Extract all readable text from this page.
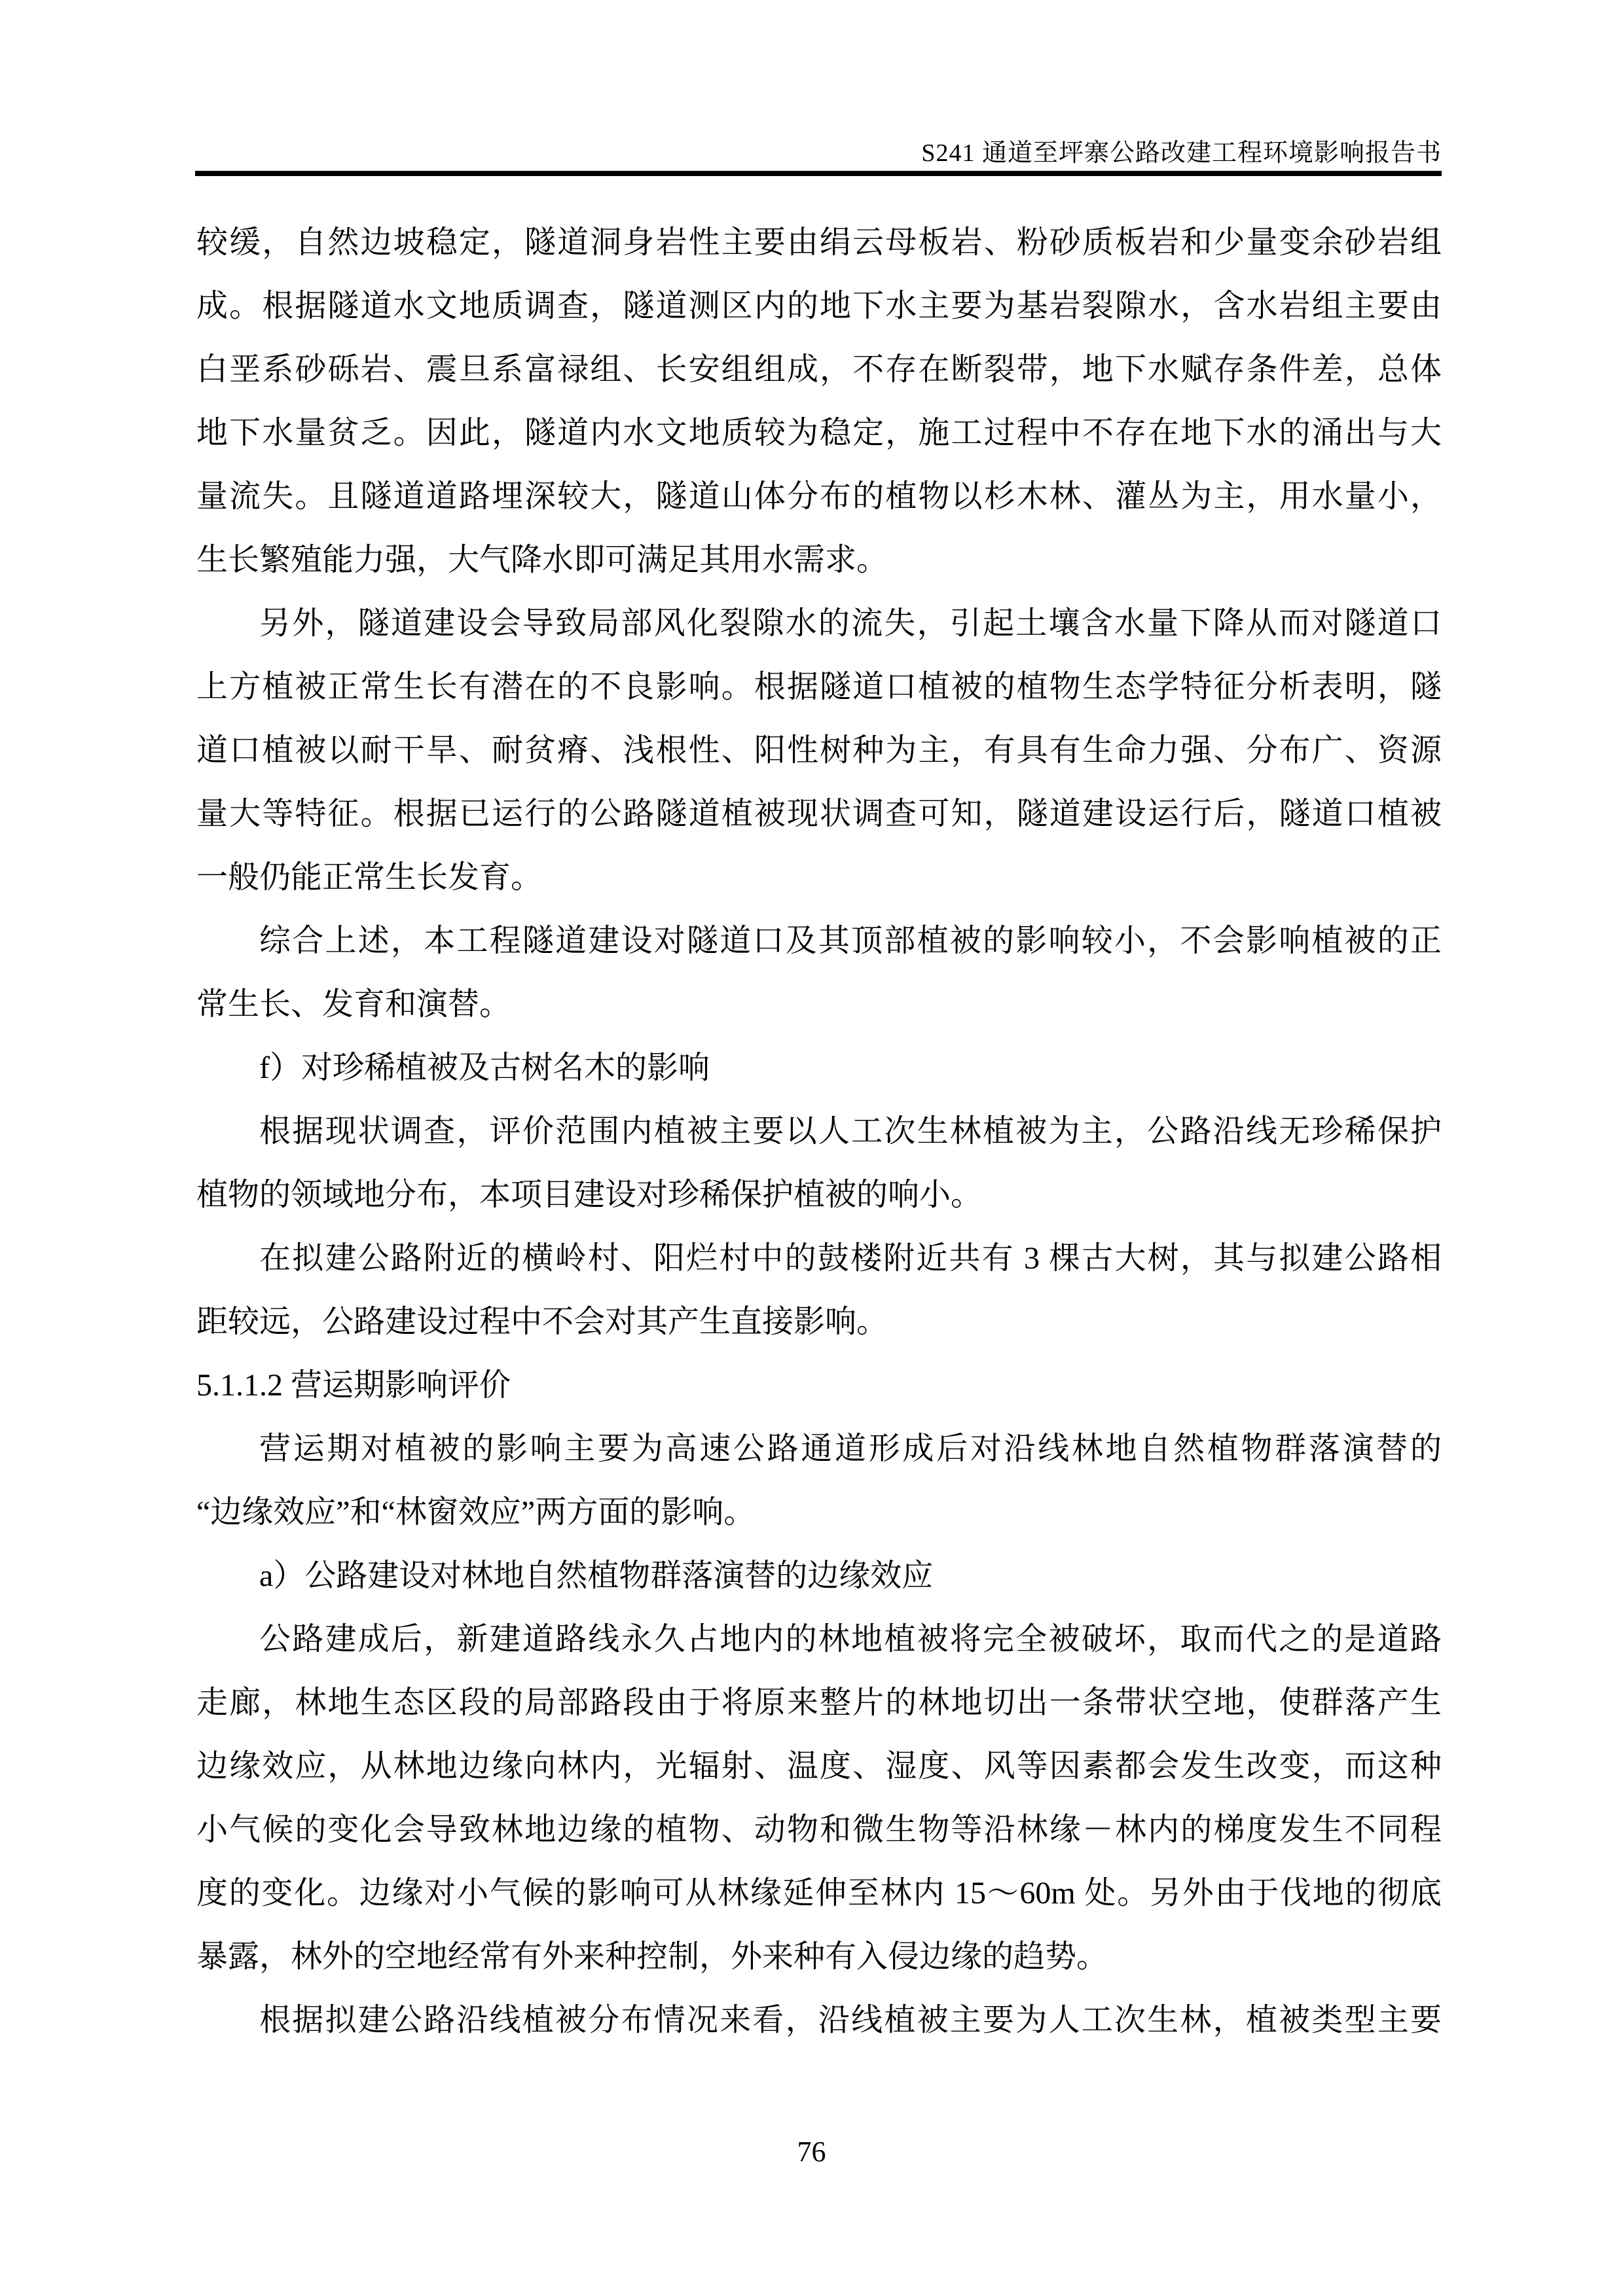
S241 通道至坪寨公路改建工程环境影响报告书
较缓，自然边坡稳定，隧道洞身岩性主要由绢云母板岩、粉砂质板岩和少量变余砂岩组
成。根据隧道水文地质调查，隧道测区内的地下水主要为基岩裂隙水，含水岩组主要由
白垩系砂砾岩、震旦系富禄组、长安组组成，不存在断裂带，地下水赋存条件差，总体
地下水量贫乏。因此，隧道内水文地质较为稳定，施工过程中不存在地下水的涌出与大
量流失。且隧道道路埋深较大，隧道山体分布的植物以杉木林、灌丛为主，用水量小，
生长繁殖能力强，大气降水即可满足其用水需求。
另外，隧道建设会导致局部风化裂隙水的流失，引起土壤含水量下降从而对隧道口
上方植被正常生长有潜在的不良影响。根据隧道口植被的植物生态学特征分析表明，隧
道口植被以耐干旱、耐贫瘠、浅根性、阳性树种为主，有具有生命力强、分布广、资源
量大等特征。根据已运行的公路隧道植被现状调查可知，隧道建设运行后，隧道口植被
一般仍能正常生长发育。
综合上述，本工程隧道建设对隧道口及其顶部植被的影响较小，不会影响植被的正
常生长、发育和演替。
f）对珍稀植被及古树名木的影响
根据现状调查，评价范围内植被主要以人工次生林植被为主，公路沿线无珍稀保护
植物的领域地分布，本项目建设对珍稀保护植被的响小。
在拟建公路附近的横岭村、阳烂村中的鼓楼附近共有 3 棵古大树，其与拟建公路相
距较远，公路建设过程中不会对其产生直接影响。
5.1.1.2 营运期影响评价
营运期对植被的影响主要为高速公路通道形成后对沿线林地自然植物群落演替的
“边缘效应”和“林窗效应”两方面的影响。
a）公路建设对林地自然植物群落演替的边缘效应
公路建成后，新建道路线永久占地内的林地植被将完全被破坏，取而代之的是道路
走廊，林地生态区段的局部路段由于将原来整片的林地切出一条带状空地，使群落产生
边缘效应，从林地边缘向林内，光辐射、温度、湿度、风等因素都会发生改变，而这种
小气候的变化会导致林地边缘的植物、动物和微生物等沿林缘－林内的梯度发生不同程
度的变化。边缘对小气候的影响可从林缘延伸至林内 15～60m 处。另外由于伐地的彻底
暴露，林外的空地经常有外来种控制，外来种有入侵边缘的趋势。
根据拟建公路沿线植被分布情况来看，沿线植被主要为人工次生林，植被类型主要
76
